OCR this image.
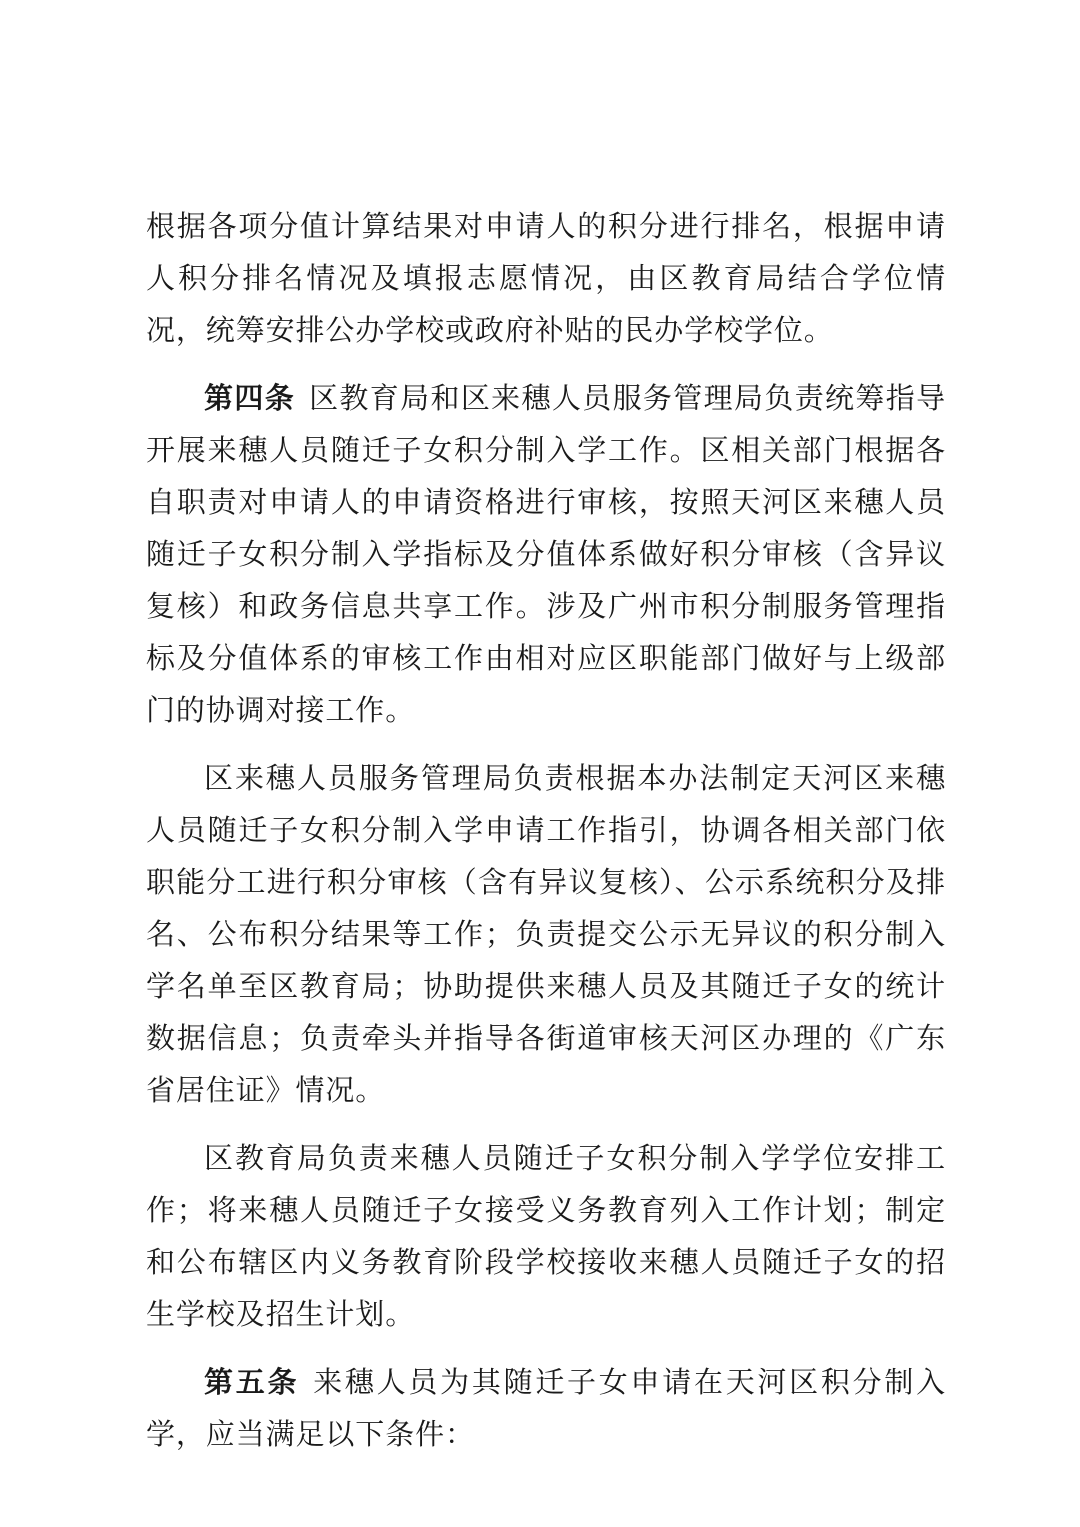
根据各项分值计算结果对申请人的积分进行排名，根据申请人积分排名情况及填报志愿情况，由区教育局结合学位情况，统筹安排公办学校或政府补贴的民办学校学位。

第四条 区教育局和区来穗人员服务管理局负责统筹指导开展来穗人员随迁子女积分制入学工作。区相关部门根据各自职责对申请人的申请资格进行审核，按照天河区来穗人员随迁子女积分制入学指标及分值体系做好积分审核（含异议复核）和政务信息共享工作。涉及广州市积分制服务管理指标及分值体系的审核工作由相对应区职能部门做好与上级部门的协调对接工作。

区来穗人员服务管理局负责根据本办法制定天河区来穗人员随迁子女积分制入学申请工作指引，协调各相关部门依职能分工进行积分审核（含有异议复核）、公示系统积分及排名、公布积分结果等工作；负责提交公示无异议的积分制入学名单至区教育局；协助提供来穗人员及其随迁子女的统计数据信息；负责牵头并指导各街道审核天河区办理的《广东省居住证》情况。

区教育局负责来穗人员随迁子女积分制入学学位安排工作；将来穗人员随迁子女接受义务教育列入工作计划；制定和公布辖区内义务教育阶段学校接收来穗人员随迁子女的招生学校及招生计划。

第五条 来穗人员为其随迁子女申请在天河区积分制入学，应当满足以下条件：
